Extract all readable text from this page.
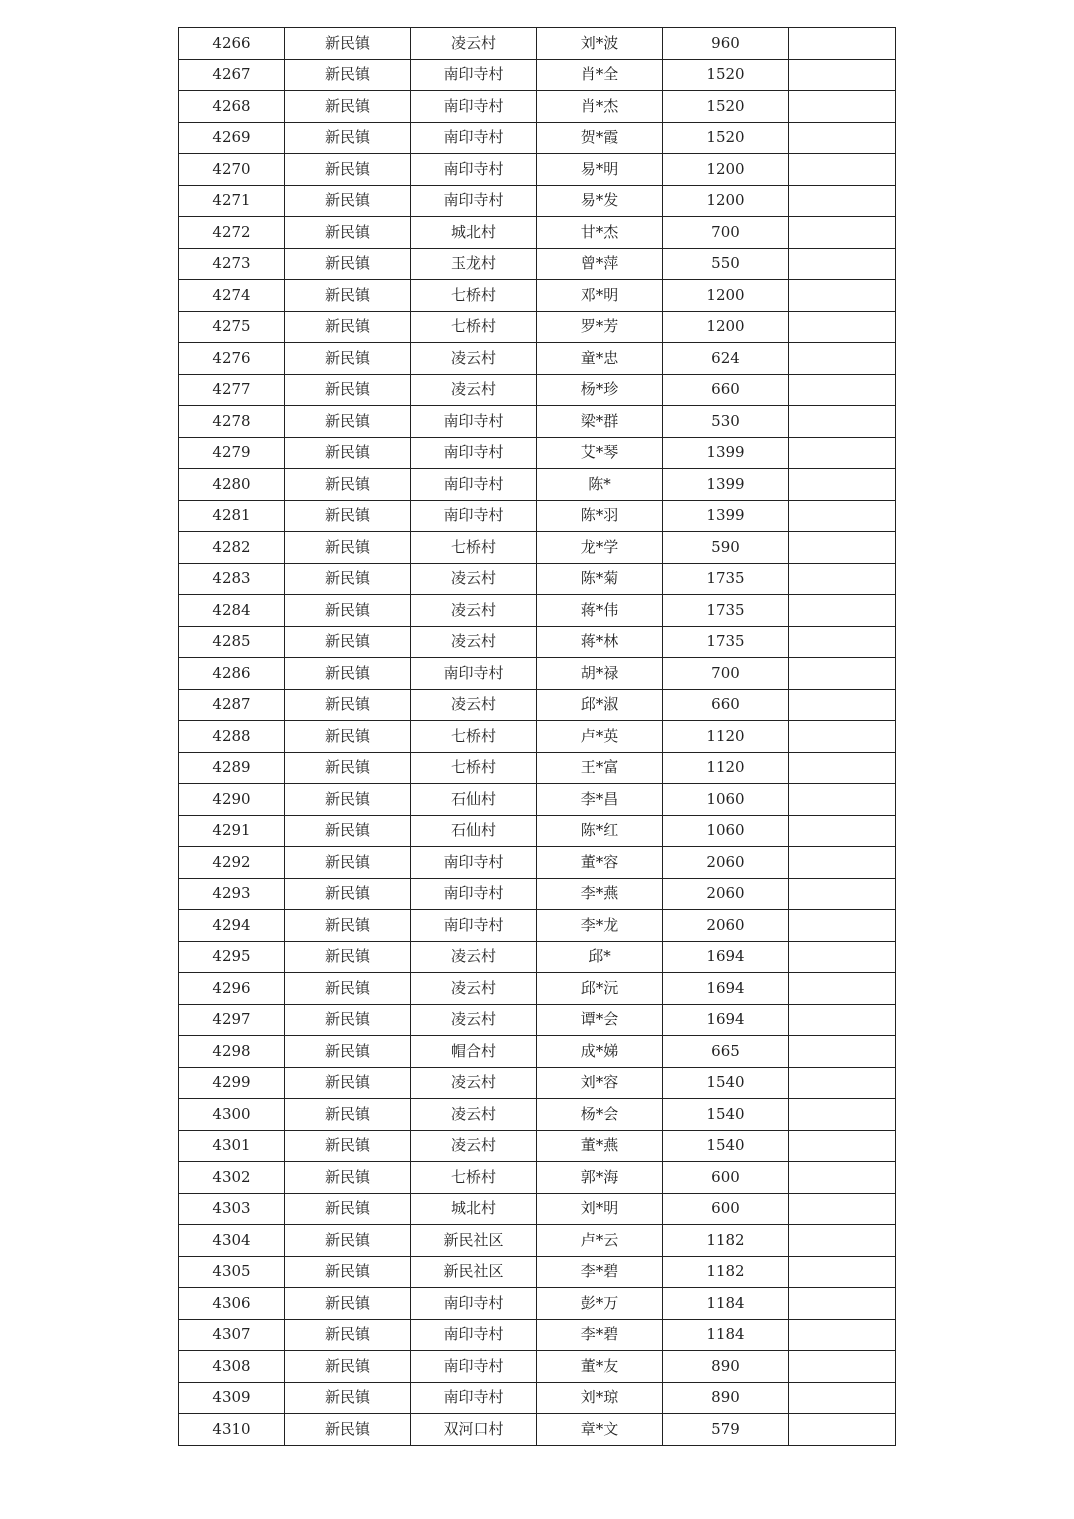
4266	新民镇	凌云村	刘*波	960	
4267	新民镇	南印寺村	肖*全	1520	
4268	新民镇	南印寺村	肖*杰	1520	
4269	新民镇	南印寺村	贺*霞	1520	
4270	新民镇	南印寺村	易*明	1200	
4271	新民镇	南印寺村	易*发	1200	
4272	新民镇	城北村	甘*杰	700	
4273	新民镇	玉龙村	曾*萍	550	
4274	新民镇	七桥村	邓*明	1200	
4275	新民镇	七桥村	罗*芳	1200	
4276	新民镇	凌云村	童*忠	624	
4277	新民镇	凌云村	杨*珍	660	
4278	新民镇	南印寺村	梁*群	530	
4279	新民镇	南印寺村	艾*琴	1399	
4280	新民镇	南印寺村	陈*	1399	
4281	新民镇	南印寺村	陈*羽	1399	
4282	新民镇	七桥村	龙*学	590	
4283	新民镇	凌云村	陈*菊	1735	
4284	新民镇	凌云村	蒋*伟	1735	
4285	新民镇	凌云村	蒋*林	1735	
4286	新民镇	南印寺村	胡*禄	700	
4287	新民镇	凌云村	邱*淑	660	
4288	新民镇	七桥村	卢*英	1120	
4289	新民镇	七桥村	王*富	1120	
4290	新民镇	石仙村	李*昌	1060	
4291	新民镇	石仙村	陈*红	1060	
4292	新民镇	南印寺村	董*容	2060	
4293	新民镇	南印寺村	李*燕	2060	
4294	新民镇	南印寺村	李*龙	2060	
4295	新民镇	凌云村	邱*	1694	
4296	新民镇	凌云村	邱*沅	1694	
4297	新民镇	凌云村	谭*会	1694	
4298	新民镇	帽合村	成*娣	665	
4299	新民镇	凌云村	刘*容	1540	
4300	新民镇	凌云村	杨*会	1540	
4301	新民镇	凌云村	董*燕	1540	
4302	新民镇	七桥村	郭*海	600	
4303	新民镇	城北村	刘*明	600	
4304	新民镇	新民社区	卢*云	1182	
4305	新民镇	新民社区	李*碧	1182	
4306	新民镇	南印寺村	彭*万	1184	
4307	新民镇	南印寺村	李*碧	1184	
4308	新民镇	南印寺村	董*友	890	
4309	新民镇	南印寺村	刘*琼	890	
4310	新民镇	双河口村	章*文	579	
